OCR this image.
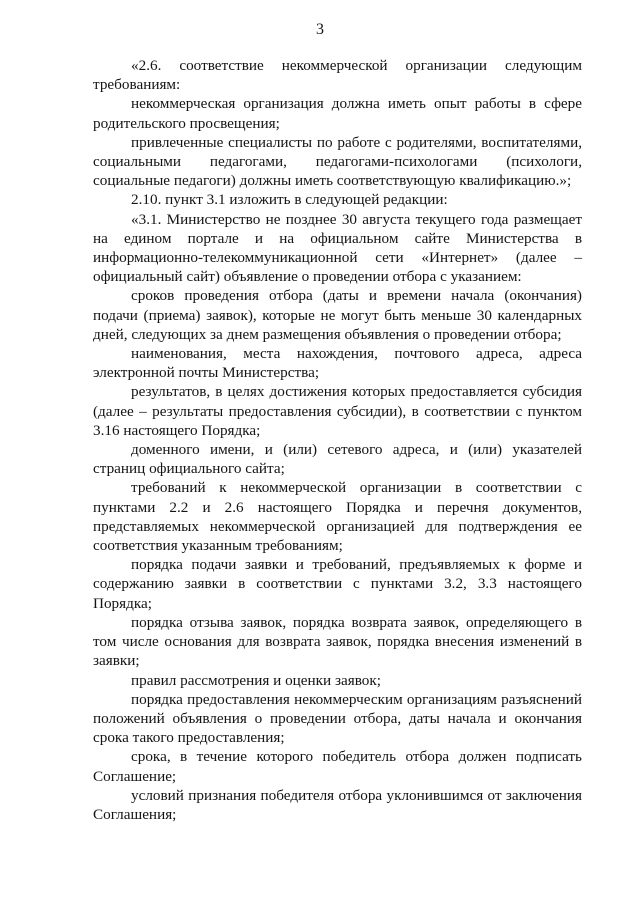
3

«2.6. соответствие некоммерческой организации следующим требованиям:

некоммерческая организация должна иметь опыт работы в сфере родительского просвещения;

привлеченные специалисты по работе с родителями, воспитателями, социальными педагогами, педагогами-психологами (психологи, социальные педагоги) должны иметь соответствующую квалификацию.»;

2.10. пункт 3.1 изложить в следующей редакции:

«3.1. Министерство не позднее 30 августа текущего года размещает на едином портале и на официальном сайте Министерства в информационно-телекоммуникационной сети «Интернет» (далее – официальный сайт) объявление о проведении отбора с указанием:

сроков проведения отбора (даты и времени начала (окончания) подачи (приема) заявок), которые не могут быть меньше 30 календарных дней, следующих за днем размещения объявления о проведении отбора;

наименования, места нахождения, почтового адреса, адреса электронной почты Министерства;

результатов, в целях достижения которых предоставляется субсидия (далее – результаты предоставления субсидии), в соответствии с пунктом 3.16 настоящего Порядка;

доменного имени, и (или) сетевого адреса, и (или) указателей страниц официального сайта;

требований к некоммерческой организации в соответствии с пунктами 2.2 и 2.6 настоящего Порядка и перечня документов, представляемых некоммерческой организацией для подтверждения ее соответствия указанным требованиям;

порядка подачи заявки и требований, предъявляемых к форме и содержанию заявки в соответствии с пунктами 3.2, 3.3 настоящего Порядка;

порядка отзыва заявок, порядка возврата заявок, определяющего в том числе основания для возврата заявок, порядка внесения изменений в заявки;

правил рассмотрения и оценки заявок;

порядка предоставления некоммерческим организациям разъяснений положений объявления о проведении отбора, даты начала и окончания срока такого предоставления;

срока, в течение которого победитель отбора должен подписать Соглашение;

условий признания победителя отбора уклонившимся от заключения Соглашения;
